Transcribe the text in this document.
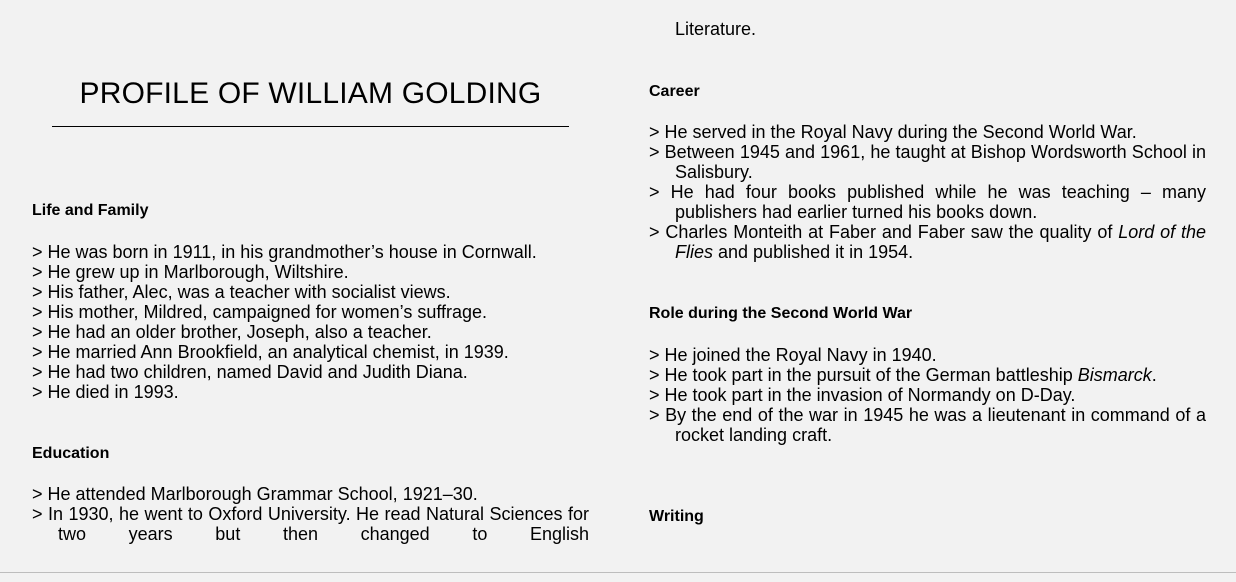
PROFILE OF WILLIAM GOLDING
Life and Family
> He was born in 1911, in his grandmother’s house in Cornwall.
> He grew up in Marlborough, Wiltshire.
> His father, Alec, was a teacher with socialist views.
> His mother, Mildred, campaigned for women’s suffrage.
> He had an older brother, Joseph, also a teacher.
> He married Ann Brookfield, an analytical chemist, in 1939.
> He had two children, named David and Judith Diana.
> He died in 1993.
Education
> He attended Marlborough Grammar School, 1921–30.
> In 1930, he went to Oxford University. He read Natural Sciences for two years but then changed to English

Literature.

Career
> He served in the Royal Navy during the Second World War.
> Between 1945 and 1961, he taught at Bishop Wordsworth School in Salisbury.
> He had four books published while he was teaching – many publishers had earlier turned his books down.
> Charles Monteith at Faber and Faber saw the quality of Lord of the Flies and published it in 1954.
Role during the Second World War
> He joined the Royal Navy in 1940.
> He took part in the pursuit of the German battleship Bismarck.
> He took part in the invasion of Normandy on D-Day.
> By the end of the war in 1945 he was a lieutenant in command of a rocket landing craft.
Writing
